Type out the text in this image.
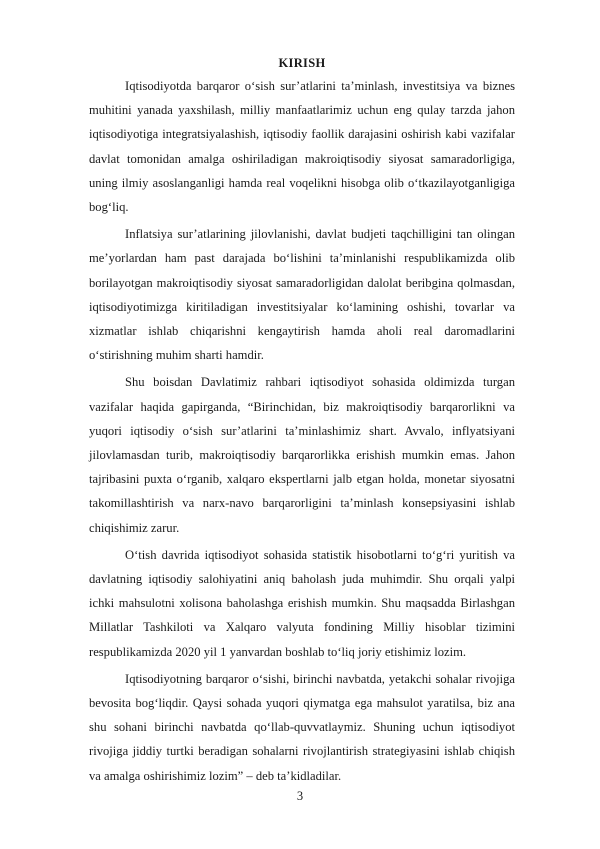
KIRISH

Iqtisodiyotda barqaror o‘sish sur’atlarini ta’minlash, investitsiya va biznes muhitini yanada yaxshilash, milliy manfaatlarimiz uchun eng qulay tarzda jahon iqtisodiyotiga integratsiyalashish, iqtisodiy faollik darajasini oshirish kabi vazifalar davlat tomonidan amalga oshiriladigan makroiqtisodiy siyosat samaradorligiga, uning ilmiy asoslanganligi hamda real voqelikni hisobga olib o‘tkazilayotganligiga bog‘liq.

Inflatsiya sur’atlarining jilovlanishi, davlat budjeti taqchilligini tan olingan me’yorlardan ham past darajada bo‘lishini ta’minlanishi respublikamizda olib borilayotgan makroiqtisodiy siyosat samaradorligidan dalolat beribgina qolmasdan, iqtisodiyotimizga kiritiladigan investitsiyalar ko‘lamining oshishi, tovarlar va xizmatlar ishlab chiqarishni kengaytirish hamda aholi real daromadlarini o‘stirishning muhim sharti hamdir.

Shu boisdan Davlatimiz rahbari iqtisodiyot sohasida oldimizda turgan vazifalar haqida gapirganda, “Birinchidan, biz makroiqtisodiy barqarorlikni va yuqori iqtisodiy o‘sish sur’atlarini ta’minlashimiz shart. Avvalo, inflyatsiyani jilovlamasdan turib, makroiqtisodiy barqarorlikka erishish mumkin emas. Jahon tajribasini puxta o‘rganib, xalqaro ekspertlarni jalb etgan holda, monetar siyosatni takomillashtirish va narx-navo barqarorligini ta’minlash konsepsiyasini ishlab chiqishimiz zarur.

O‘tish davrida iqtisodiyot sohasida statistik hisobotlarni to‘g‘ri yuritish va davlatning iqtisodiy salohiyatini aniq baholash juda muhimdir. Shu orqali yalpi ichki mahsulotni xolisona baholashga erishish mumkin. Shu maqsadda Birlashgan Millatlar Tashkiloti va Xalqaro valyuta fondining Milliy hisoblar tizimini respublikamizda 2020 yil 1 yanvardan boshlab to‘liq joriy etishimiz lozim.

Iqtisodiyotning barqaror o‘sishi, birinchi navbatda, yetakchi sohalar rivojiga bevosita bog‘liqdir. Qaysi sohada yuqori qiymatga ega mahsulot yaratilsa, biz ana shu sohani birinchi navbatda qo‘llab-quvvatlaymiz. Shuning uchun iqtisodiyot rivojiga jiddiy turtki beradigan sohalarni rivojlantirish strategiyasini ishlab chiqish va amalga oshirishimiz lozim” – deb ta’kidladilar.

3
